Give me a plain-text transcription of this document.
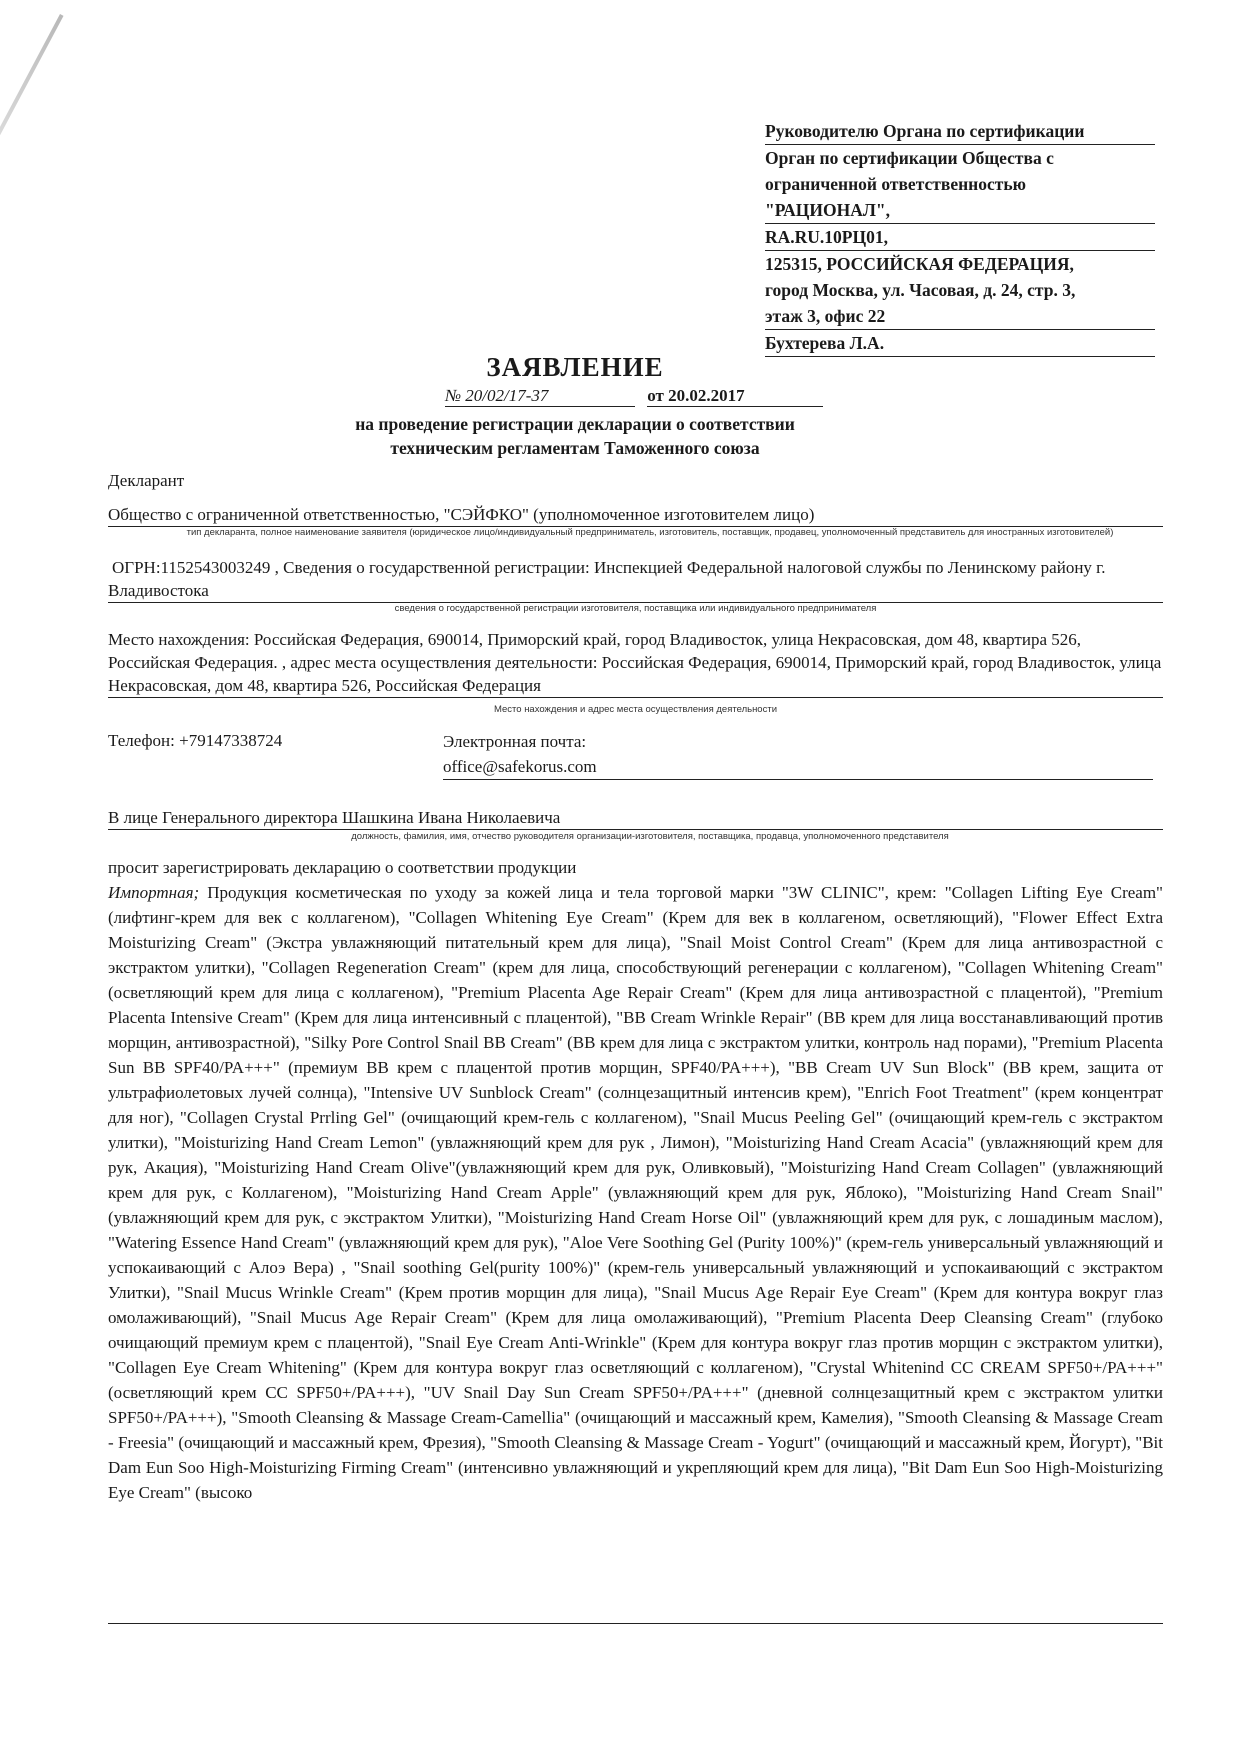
Руководителю Органа по сертификации
Орган по сертификации Общества с
ограниченной ответственностью
"РАЦИОНАЛ",
RA.RU.10РЦ01,
125315, РОССИЙСКАЯ ФЕДЕРАЦИЯ,
город Москва, ул. Часовая, д. 24, стр. 3,
этаж 3, офис 22
Бухтерева Л.А.
ЗАЯВЛЕНИЕ
№ 20/02/17-37	от 20.02.2017
на проведение регистрации декларации о соответствии
техническим регламентам Таможенного союза
Декларант
Общество с ограниченной ответственностью, "СЭЙФКО" (уполномоченное изготовителем лицо)
тип декларанта, полное наименование заявителя (юридическое лицо/индивидуальный предприниматель, изготовитель, поставщик, продавец, уполномоченный представитель для иностранных изготовителей)
ОГРН:1152543003249 , Сведения о государственной регистрации: Инспекцией Федеральной налоговой службы по Ленинскому району г. Владивостока
сведения о государственной регистрации изготовителя, поставщика или индивидуального предпринимателя
Место нахождения: Российская Федерация, 690014, Приморский край, город Владивосток, улица Некрасовская, дом 48, квартира 526, Российская Федерация. , адрес места осуществления деятельности: Российская Федерация, 690014, Приморский край, город Владивосток, улица Некрасовская, дом 48, квартира 526, Российская Федерация
Место нахождения и адрес места осуществления деятельности
Телефон: +79147338724	Электронная почта:
office@safekorus.com
В лице Генерального директора Шашкина Ивана Николаевича
должность, фамилия, имя, отчество руководителя организации-изготовителя, поставщика, продавца, уполномоченного представителя
просит зарегистрировать декларацию о соответствии продукции
Импортная; Продукция косметическая по уходу за кожей лица и тела торговой марки "3W CLINIC", крем: "Collagen Lifting Eye Cream" (лифтинг-крем для век с коллагеном), "Collagen Whitening Eye Cream" (Крем для век в коллагеном, осветляющий), "Flower Effect Extra Moisturizing Cream" (Экстра увлажняющий питательный крем для лица), "Snail Moist Control Cream" (Крем для лица антивозрастной с экстрактом улитки), "Collagen Regeneration Cream" (крем для лица, способствующий регенерации с коллагеном), "Collagen Whitening Cream" (осветляющий крем для лица с коллагеном), "Premium Placenta Age Repair Cream" (Крем для лица антивозрастной с плацентой), "Premium Placenta Intensive Cream" (Крем для лица интенсивный с плацентой), "BB Cream Wrinkle Repair" (BB крем для лица восстанавливающий против морщин, антивозрастной), "Silky Pore Control Snail BB Cream" (BB крем для лица с экстрактом улитки, контроль над порами), "Premium Placenta Sun BB SPF40/PA+++" (премиум BB крем с плацентой против морщин, SPF40/PA+++), "BB Cream UV Sun Block" (BB крем, защита от ультрафиолетовых лучей солнца), "Intensive UV Sunblock Cream" (солнцезащитный интенсив крем), "Enrich Foot Treatment" (крем концентрат для ног), "Collagen Crystal Prrling Gel" (очищающий крем-гель с коллагеном), "Snail Mucus Peeling Gel" (очищающий крем-гель с экстрактом улитки), "Moisturizing Hand Cream Lemon" (увлажняющий крем для рук , Лимон), "Moisturizing Hand Cream Acacia" (увлажняющий крем для рук, Акация), "Moisturizing Hand Cream Olive"(увлажняющий крем для рук, Оливковый), "Moisturizing Hand Cream Collagen" (увлажняющий крем для рук, с Коллагеном), "Moisturizing Hand Cream Apple" (увлажняющий крем для рук, Яблоко), "Moisturizing Hand Cream Snail" (увлажняющий крем для рук, с экстрактом Улитки), "Moisturizing Hand Cream Horse Oil" (увлажняющий крем для рук, с лошадиным маслом), "Watering Essence Hand Cream" (увлажняющий крем для рук), "Aloe Vere Soothing Gel (Purity 100%)" (крем-гель универсальный увлажняющий и успокаивающий с Алоэ Вера) , "Snail soothing Gel(purity 100%)" (крем-гель универсальный увлажняющий и успокаивающий с экстрактом Улитки), "Snail Mucus Wrinkle Cream" (Крем против морщин для лица), "Snail Mucus Age Repair Eye Cream" (Крем для контура вокруг глаз омолаживающий), "Snail Mucus Age Repair Cream" (Крем для лица омолаживающий), "Premium Placenta Deep Cleansing Cream" (глубоко очищающий премиум крем с плацентой), "Snail Eye Cream Anti-Wrinkle" (Крем для контура вокруг глаз против морщин с экстрактом улитки), "Collagen Eye Cream Whitening" (Крем для контура вокруг глаз осветляющий с коллагеном), "Crystal Whitenind CC CREAM SPF50+/PA+++" (осветляющий крем CC SPF50+/PA+++), "UV Snail Day Sun Cream SPF50+/PA+++" (дневной солнцезащитный крем с экстрактом улитки SPF50+/PA+++), "Smooth Cleansing & Massage Cream-Camellia" (очищающий и массажный крем, Камелия), "Smooth Cleansing & Massage Cream - Freesia" (очищающий и массажный крем, Фрезия), "Smooth Cleansing & Massage Cream - Yogurt" (очищающий и массажный крем, Йогурт), "Bit Dam Eun Soo High-Moisturizing Firming Cream" (интенсивно увлажняющий и укрепляющий крем для лица), "Bit Dam Eun Soo High-Moisturizing Eye Cream" (высоко
